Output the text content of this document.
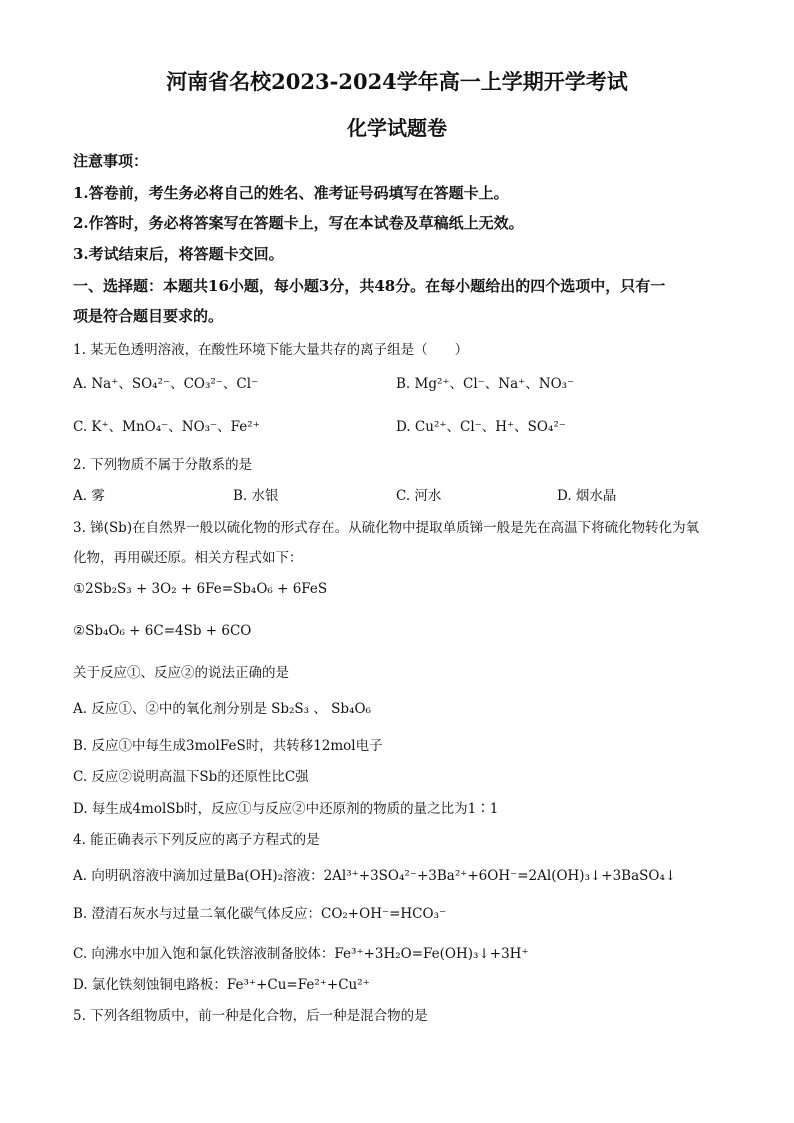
河南省名校2023-2024学年高一上学期开学考试
化学试题卷
注意事项：
1.答卷前，考生务必将自己的姓名、准考证号码填写在答题卡上。
2.作答时，务必将答案写在答题卡上，写在本试卷及草稿纸上无效。
3.考试结束后，将答题卡交回。
一、选择题：本题共16小题，每小题3分，共48分。在每小题给出的四个选项中，只有一
项是符合题目要求的。
1. 某无色透明溶液，在酸性环境下能大量共存的离子组是（　　）
A. Na⁺、SO₄²⁻、CO₃²⁻、Cl⁻	B. Mg²⁺、Cl⁻、Na⁺、NO₃⁻
C. K⁺、MnO₄⁻、NO₃⁻、Fe²⁺	D. Cu²⁺、Cl⁻、H⁺、SO₄²⁻
2. 下列物质不属于分散系的是
A. 雾	B. 水银	C. 河水	D. 烟水晶
3. 锑(Sb)在自然界一般以硫化物的形式存在。从硫化物中提取单质锑一般是先在高温下将硫化物转化为氧
化物，再用碳还原。相关方程式如下：
①2Sb₂S₃ + 3O₂ + 6Fe=Sb₄O₆ + 6FeS
②Sb₄O₆ + 6C=4Sb + 6CO
关于反应①、反应②的说法正确的是
A. 反应①、②中的氧化剂分别是 Sb₂S₃ 、 Sb₄O₆
B. 反应①中每生成3molFeS时，共转移12mol电子
C. 反应②说明高温下Sb的还原性比C强
D. 每生成4molSb时，反应①与反应②中还原剂的物质的量之比为1∶1
4. 能正确表示下列反应的离子方程式的是
A. 向明矾溶液中滴加过量Ba(OH)₂溶液：2Al³⁺+3SO₄²⁻+3Ba²⁺+6OH⁻=2Al(OH)₃↓+3BaSO₄↓
B. 澄清石灰水与过量二氧化碳气体反应：CO₂+OH⁻=HCO₃⁻
C. 向沸水中加入饱和氯化铁溶液制备胶体：Fe³⁺+3H₂O=Fe(OH)₃↓+3H⁺
D. 氯化铁刻蚀铜电路板：Fe³⁺+Cu=Fe²⁺+Cu²⁺
5. 下列各组物质中，前一种是化合物，后一种是混合物的是
